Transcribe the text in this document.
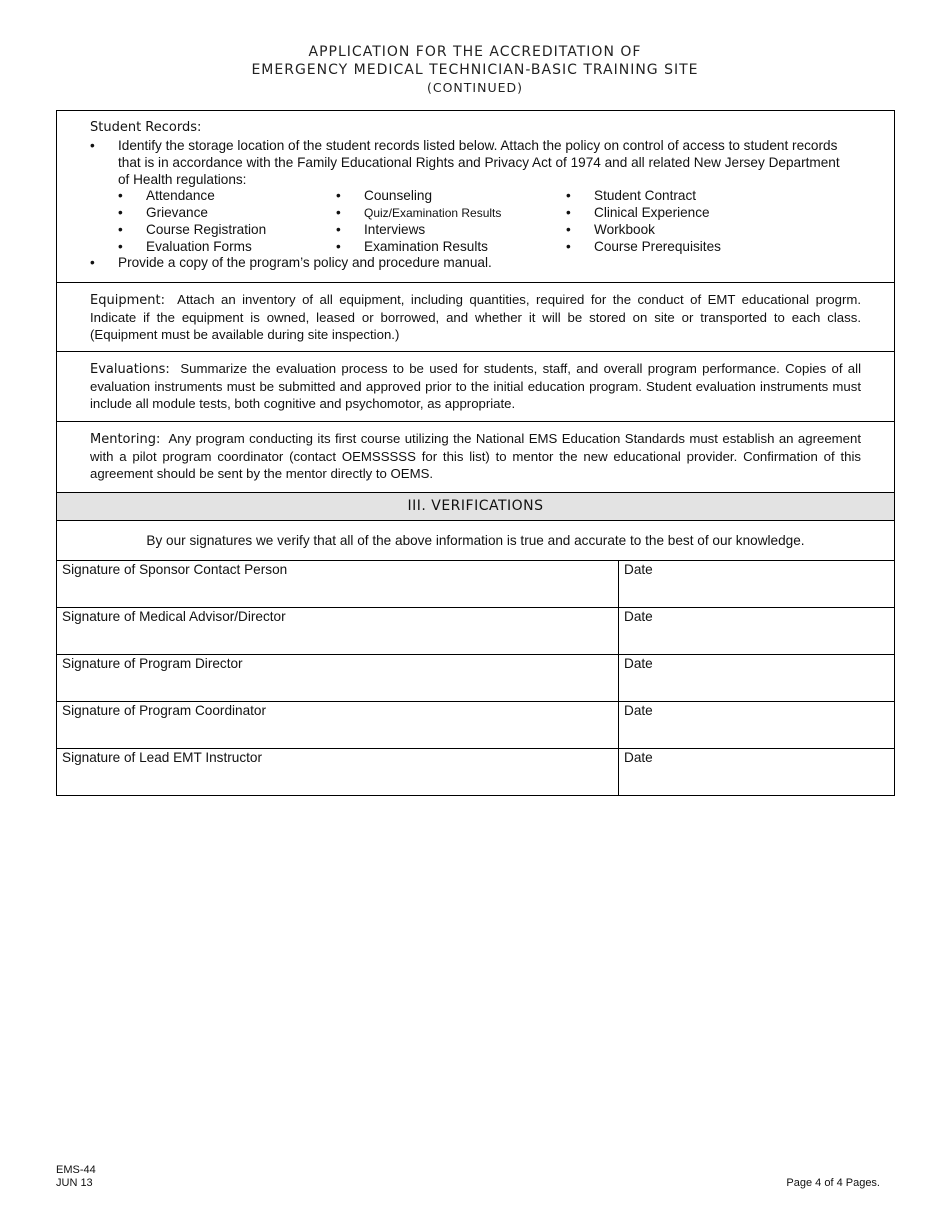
APPLICATION FOR THE ACCREDITATION OF
EMERGENCY MEDICAL TECHNICIAN-BASIC TRAINING SITE
(CONTINUED)
Student Records:
• Identify the storage location of the student records listed below. Attach the policy on control of access to student records that is in accordance with the Family Educational Rights and Privacy Act of 1974 and all related New Jersey Department of Health regulations:
• Attendance
• Grievance
• Course Registration
• Evaluation Forms
• Counseling
• Quiz/Examination Results
• Interviews
• Examination Results
• Student Contract
• Clinical Experience
• Workbook
• Course Prerequisites
• Provide a copy of the program’s policy and procedure manual.
Equipment: Attach an inventory of all equipment, including quantities, required for the conduct of EMT educational progrm. Indicate if the equipment is owned, leased or borrowed, and whether it will be stored on site or transported to each class. (Equipment must be available during site inspection.)
Evaluations: Summarize the evaluation process to be used for students, staff, and overall program performance. Copies of all evaluation instruments must be submitted and approved prior to the initial education program. Student evaluation instruments must include all module tests, both cognitive and psychomotor, as appropriate.
Mentoring: Any program conducting its first course utilizing the National EMS Education Standards must establish an agreement with a pilot program coordinator (contact OEMSSSSS for this list) to mentor the new educational provider. Confirmation of this agreement should be sent by the mentor directly to OEMS.
III. VERIFICATIONS
By our signatures we verify that all of the above information is true and accurate to the best of our knowledge.
Signature of Sponsor Contact Person	Date
Signature of Medical Advisor/Director	Date
Signature of Program Director	Date
Signature of Program Coordinator	Date
Signature of Lead EMT Instructor	Date
EMS-44
JUN 13	Page 4 of 4 Pages.
